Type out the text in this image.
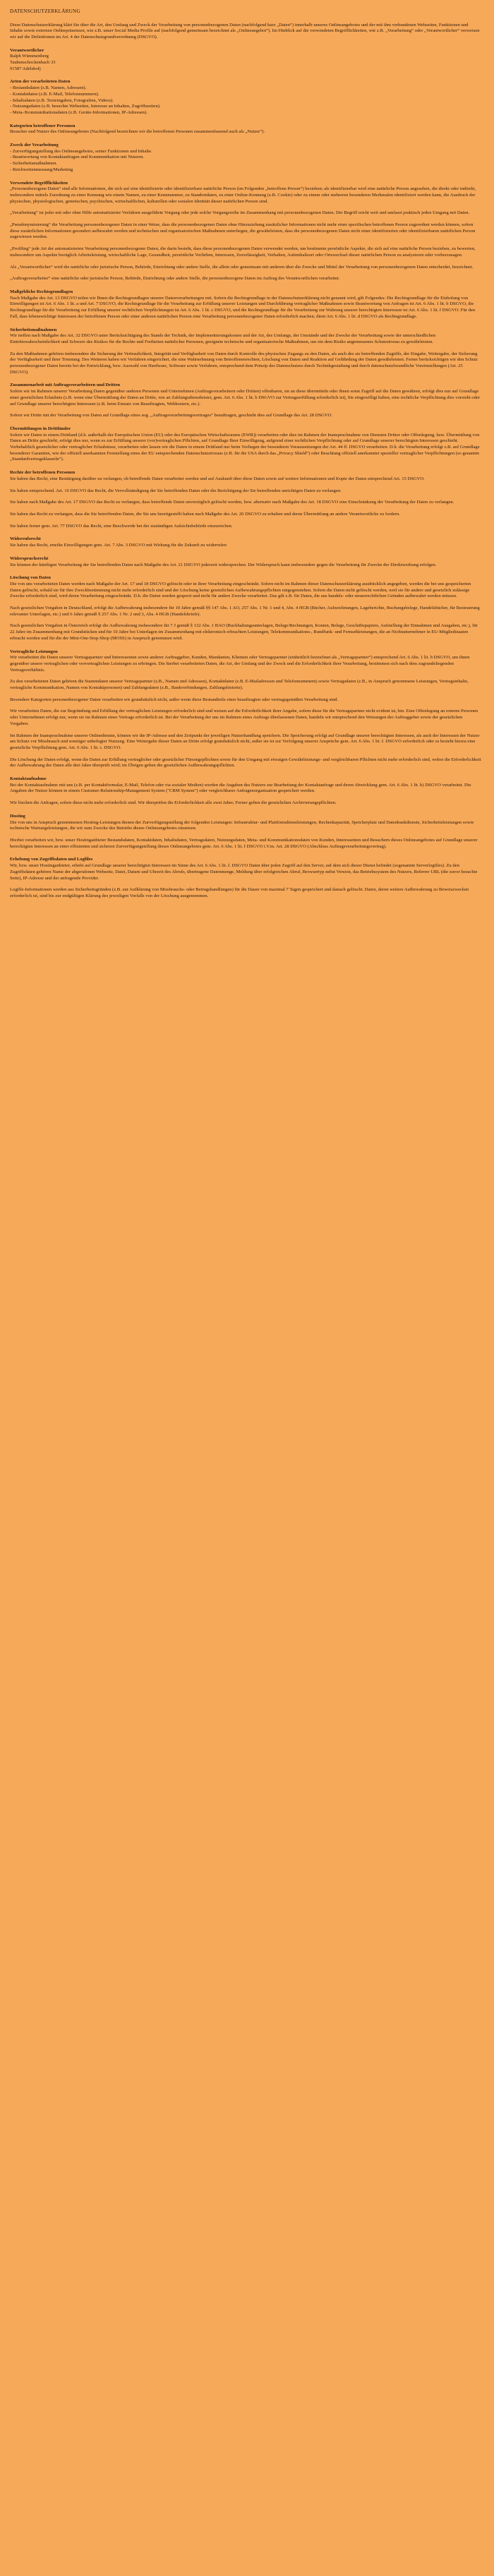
DATENSCHUTZERKLÄRUNG

Diese Datenschutzerklärung klärt Sie über die Art, den Umfang und Zweck der Verarbeitung von personenbezogenen Daten (nachfolgend kurz „Daten“) innerhalb unseres Onlineangebotes und der mit ihm verbundenen Webseiten, Funktionen und Inhalte sowie externen Onlinepräsenzen, wie z.B. unser Social Media Profile auf (nachfolgend gemeinsam bezeichnet als „Onlineangebot“). Im Hinblick auf die verwendeten Begrifflichkeiten, wie z.B. „Verarbeitung“ oder „Verantwortlicher“ verweisen wir auf die Definitionen im Art. 4 der Datenschutzgrundverordnung (DSGVO).

Verantwortlicher

Ralph Wümmenberg
Taubenschockenbach 33
91587 Adelshofj

Arten der verarbeiteten Daten

- Bestandsdaten (z.B. Namen, Adressen).
- Kontaktdaten (z.B. E-Mail, Telefonnummern).
- Inhaltsdaten (z.B. Texteingaben, Fotografien, Videos).
- Nutzungsdaten (z.B. besuchte Webseiten, Interesse an Inhalten, Zugriffszeiten).
- Meta-/Kommunikationsdaten (z.B. Geräte-Informationen, IP-Adressen).

Kategorien betroffener Personen

Besucher und Nutzer des Onlineangebotes (Nachfolgend bezeichnen wir die betroffenen Personen zusammenfassend auch als „Nutzer“).

Zweck der Verarbeitung

- Zurverfügungstellung des Onlineangebotes, seiner Funktionen und Inhalte.
- Beantwortung von Kontaktanfragen und Kommunikation mit Nutzern.
- Sicherheitsmaßnahmen.
- Reichweitenmessung/Marketing

Verwendete Begrifflichkeiten

„Personenbezogene Daten“ sind alle Informationen, die sich auf eine identifizierte oder identifizierbare natürliche Person (im Folgenden „betroffene Person“) beziehen; als identifizierbar wird eine natürliche Person angesehen, die direkt oder indirekt, insbesondere mittels Zuordnung zu einer Kennung wie einem Namen, zu einer Kennnummer, zu Standortdaten, zu einer Online-Kennung (z.B. Cookie) oder zu einem oder mehreren besonderen Merkmalen identifiziert werden kann, die Ausdruck der physischen, physiologischen, genetischen, psychischen, wirtschaftlichen, kulturellen oder sozialen Identität dieser natürlichen Person sind.

„Verarbeitung“ ist jeder mit oder ohne Hilfe automatisierter Verfahren ausgeführte Vorgang oder jede solche Vorgangsreihe im Zusammenhang mit personenbezogenen Daten. Der Begriff reicht weit und umfasst praktisch jeden Umgang mit Daten.

„Pseudonymisierung“ die Verarbeitung personenbezogener Daten in einer Weise, dass die personenbezogenen Daten ohne Hinzuziehung zusätzlicher Informationen nicht mehr einer spezifischen betroffenen Person zugeordnet werden können, sofern diese zusätzlichen Informationen gesondert aufbewahrt werden und technischen und organisatorischen Maßnahmen unterliegen, die gewährleisten, dass die personenbezogenen Daten nicht einer identifizierten oder identifizierbaren natürlichen Person zugewiesen werden.

„Profiling“ jede Art der automatisierten Verarbeitung personenbezogener Daten, die darin besteht, dass diese personenbezogenen Daten verwendet werden, um bestimmte persönliche Aspekte, die sich auf eine natürliche Person beziehen, zu bewerten, insbesondere um Aspekte bezüglich Arbeitsleistung, wirtschaftliche Lage, Gesundheit, persönliche Vorlieben, Interessen, Zuverlässigkeit, Verhalten, Aufenthaltsort oder Ortswechsel dieser natürlichen Person zu analysieren oder vorherzusagen.

Als „Verantwortlicher“ wird die natürliche oder juristische Person, Behörde, Einrichtung oder andere Stelle, die allein oder gemeinsam mit anderen über die Zwecke und Mittel der Verarbeitung von personenbezogenen Daten entscheidet, bezeichnet.

„Auftragsverarbeiter“ eine natürliche oder juristische Person, Behörde, Einrichtung oder andere Stelle, die personenbezogene Daten im Auftrag des Verantwortlichen verarbeitet.

Maßgebliche Rechtsgrundlagen

Nach Maßgabe des Art. 13 DSGVO teilen wir Ihnen die Rechtsgrundlagen unserer Datenverarbeitungen mit. Sofern die Rechtsgrundlage in der Datenschutzerklärung nicht genannt wird, gilt Folgendes: Die Rechtsgrundlage für die Einholung von Einwilligungen ist Art. 6 Abs. 1 lit. a und Art. 7 DSGVO, die Rechtsgrundlage für die Verarbeitung zur Erfüllung unserer Leistungen und Durchführung vertraglicher Maßnahmen sowie Beantwortung von Anfragen ist Art. 6 Abs. 1 lit. b DSGVO, die Rechtsgrundlage für die Verarbeitung zur Erfüllung unserer rechtlichen Verpflichtungen ist Art. 6 Abs. 1 lit. c DSGVO, und die Rechtsgrundlage für die Verarbeitung zur Wahrung unserer berechtigten Interessen ist Art. 6 Abs. 1 lit. f DSGVO. Für den Fall, dass lebenswichtige Interessen der betroffenen Person oder einer anderen natürlichen Person eine Verarbeitung personenbezogener Daten erforderlich machen, dient Art. 6 Abs. 1 lit. d DSGVO als Rechtsgrundlage.

Sicherheitsmaßnahmen

Wir treffen nach Maßgabe des Art. 32 DSGVO unter Berücksichtigung des Stands der Technik, der Implementierungskosten und der Art, des Umfangs, der Umstände und der Zwecke der Verarbeitung sowie der unterschiedlichen Eintrittswahrscheinlichkeit und Schwere des Risikos für die Rechte und Freiheiten natürlicher Personen, geeignete technische und organisatorische Maßnahmen, um ein dem Risiko angemessenes Schutzniveau zu gewährleisten.

Zu den Maßnahmen gehören insbesondere die Sicherung der Vertraulichkeit, Integrität und Verfügbarkeit von Daten durch Kontrolle des physischen Zugangs zu den Daten, als auch des sie betreffenden Zugriffs, der Eingabe, Weitergabe, der Sicherung der Verfügbarkeit und ihrer Trennung. Des Weiteren haben wir Verfahren eingerichtet, die eine Wahrnehmung von Betroffenenrechten, Löschung von Daten und Reaktion auf Gefährdung der Daten gewährleisten. Ferner berücksichtigen wir den Schutz personenbezogener Daten bereits bei der Entwicklung, bzw. Auswahl von Hardware, Software sowie Verfahren, entsprechend dem Prinzip des Datenschutzes durch Technikgestaltung und durch datenschutzfreundliche Voreinstellungen (Art. 25 DSGVO).

Zusammenarbeit mit Auftragsverarbeitern und Dritten

Sofern wir im Rahmen unserer Verarbeitung Daten gegenüber anderen Personen und Unternehmen (Auftragsverarbeitern oder Dritten) offenbaren, sie an diese übermitteln oder ihnen sonst Zugriff auf die Daten gewähren, erfolgt dies nur auf Grundlage einer gesetzlichen Erlaubnis (z.B. wenn eine Übermittlung der Daten an Dritte, wie an Zahlungsdienstleister, gem. Art. 6 Abs. 1 lit. b DSGVO zur Vertragserfüllung erforderlich ist), Sie eingewilligt haben, eine rechtliche Verpflichtung dies vorsieht oder auf Grundlage unserer berechtigten Interessen (z.B. beim Einsatz von Beauftragten, Webhostern, etc.).

Sofern wir Dritte mit der Verarbeitung von Daten auf Grundlage eines sog. „Auftragsverarbeitungsvertrages“ beauftragen, geschieht dies auf Grundlage des Art. 28 DSGVO.

Übermittlungen in Drittländer

Sofern wir Daten in einem Drittland (d.h. außerhalb der Europäischen Union (EU) oder des Europäischen Wirtschaftsraums (EWR)) verarbeiten oder dies im Rahmen der Inanspruchnahme von Diensten Dritter oder Offenlegung, bzw. Übermittlung von Daten an Dritte geschieht, erfolgt dies nur, wenn es zur Erfüllung unserer (vor)vertraglichen Pflichten, auf Grundlage Ihrer Einwilligung, aufgrund einer rechtlichen Verpflichtung oder auf Grundlage unserer berechtigten Interessen geschieht. Vorbehaltlich gesetzlicher oder vertraglicher Erlaubnisse, verarbeiten oder lassen wir die Daten in einem Drittland nur beim Vorliegen der besonderen Voraussetzungen der Art. 44 ff. DSGVO verarbeiten. D.h. die Verarbeitung erfolgt z.B. auf Grundlage besonderer Garantien, wie der offiziell anerkannten Feststellung eines der EU entsprechenden Datenschutzniveaus (z.B. für die USA durch das „Privacy Shield“) oder Beachtung offiziell anerkannter spezieller vertraglicher Verpflichtungen (so genannte „Standardvertragsklauseln“).

Rechte der betroffenen Personen

Sie haben das Recht, eine Bestätigung darüber zu verlangen, ob betreffende Daten verarbeitet werden und auf Auskunft über diese Daten sowie auf weitere Informationen und Kopie der Daten entsprechend Art. 15 DSGVO.

Sie haben entsprechend. Art. 16 DSGVO das Recht, die Vervollständigung der Sie betreffenden Daten oder die Berichtigung der Sie betreffenden unrichtigen Daten zu verlangen.

Sie haben nach Maßgabe des Art. 17 DSGVO das Recht zu verlangen, dass betreffende Daten unverzüglich gelöscht werden, bzw. alternativ nach Maßgabe des Art. 18 DSGVO eine Einschränkung der Verarbeitung der Daten zu verlangen.

Sie haben das Recht zu verlangen, dass die Sie betreffenden Daten, die Sie uns bereitgestellt haben nach Maßgabe des Art. 20 DSGVO zu erhalten und deren Übermittlung an andere Verantwortliche zu fordern.

Sie haben ferner gem. Art. 77 DSGVO das Recht, eine Beschwerde bei der zuständigen Aufsichtsbehörde einzureichen.

Widerrufsrecht

Sie haben das Recht, erteilte Einwilligungen gem. Art. 7 Abs. 3 DSGVO mit Wirkung für die Zukunft zu widerrufen

Widerspruchsrecht

Sie können der künftigen Verarbeitung der Sie betreffenden Daten nach Maßgabe des Art. 21 DSGVO jederzeit widersprechen. Der Widerspruch kann insbesondere gegen die Verarbeitung für Zwecke der Direktwerbung erfolgen.

Löschung von Daten

Die von uns verarbeiteten Daten werden nach Maßgabe der Art. 17 und 18 DSGVO gelöscht oder in ihrer Verarbeitung eingeschränkt. Sofern nicht im Rahmen dieser Datenschutzerklärung ausdrücklich angegeben, werden die bei uns gespeicherten Daten gelöscht, sobald sie für ihre Zweckbestimmung nicht mehr erforderlich sind und der Löschung keine gesetzlichen Aufbewahrungspflichten entgegenstehen. Sofern die Daten nicht gelöscht werden, weil sie für andere und gesetzlich zulässige Zwecke erforderlich sind, wird deren Verarbeitung eingeschränkt. D.h. die Daten werden gesperrt und nicht für andere Zwecke verarbeitet. Das gilt z.B. für Daten, die aus handels- oder steuerrechtlichen Gründen aufbewahrt werden müssen.

Nach gesetzlichen Vorgaben in Deutschland, erfolgt die Aufbewahrung insbesondere für 10 Jahre gemäß §§ 147 Abs. 1 AO, 257 Abs. 1 Nr. 1 und 4, Abs. 4 HGB (Bücher, Aufzeichnungen, Lageberichte, Buchungsbelege, Handelsbücher, für Besteuerung relevanter Unterlagen, etc.) und 6 Jahre gemäß § 257 Abs. 1 Nr. 2 und 3, Abs. 4 HGB (Handelsbriefe).

Nach gesetzlichen Vorgaben in Österreich erfolgt die Aufbewahrung insbesondere für 7 J gemäß § 132 Abs. 1 BAO (Buchhaltungsunterlagen, Belege/Rechnungen, Konten, Belege, Geschäftspapiere, Aufstellung der Einnahmen und Ausgaben, etc.), für 22 Jahre im Zusammenhang mit Grundstücken und für 10 Jahre bei Unterlagen im Zusammenhang mit elektronisch erbrachten Leistungen, Telekommunikations-, Rundfunk- und Fernsehleistungen, die an Nichtunternehmer in EU-Mitgliedstaaten erbracht werden und für die der Mini-One-Stop-Shop (MOSS) in Anspruch genommen wird.

Vertragliche Leistungen

Wir verarbeiten die Daten unserer Vertragspartner und Interessenten sowie anderer Auftraggeber, Kunden, Mandanten, Klienten oder Vertragspartner (einheitlich bezeichnet als „Vertragspartner“) entsprechend Art. 6 Abs. 1 lit. b DSGVO, um ihnen gegenüber unsere vertraglichen oder vorvertraglichen Leistungen zu erbringen. Die hierbei verarbeiteten Daten, die Art, der Umfang und der Zweck und die Erforderlichkeit ihrer Verarbeitung, bestimmen sich nach dem zugrundeliegenden Vertragsverhältnis.

Zu den verarbeiteten Daten gehören die Stammdaten unserer Vertragspartner (z.B., Namen und Adressen), Kontaktdaten (z.B. E-Mailadressen und Telefonnummern) sowie Vertragsdaten (z.B., in Anspruch genommene Leistungen, Vertragsinhalte, vertragliche Kommunikation, Namen von Kontaktpersonen) und Zahlungsdaten (z.B., Bankverbindungen, Zahlungshistorie).

Besondere Kategorien personenbezogener Daten verarbeiten wir grundsätzlich nicht, außer wenn diese Bestandteile einer beauftragten oder vertragsgemäßen Verarbeitung sind.

Wir verarbeiten Daten, die zur Begründung und Erfüllung der vertraglichen Leistungen erforderlich sind und weisen auf die Erforderlichkeit ihrer Angabe, sofern diese für die Vertragspartner nicht evident ist, hin. Eine Offenlegung an externe Personen oder Unternehmen erfolgt nur, wenn sie im Rahmen eines Vertrags erforderlich ist. Bei der Verarbeitung der uns im Rahmen eines Auftrags überlassenen Daten, handeln wir entsprechend den Weisungen der Auftraggeber sowie der gesetzlichen Vorgaben.

Im Rahmen der Inanspruchnahme unserer Onlinedienste, können wir die IP-Adresse und den Zeitpunkt der jeweiligen Nutzerhandlung speichern. Die Speicherung erfolgt auf Grundlage unserer berechtigten Interessen, als auch der Interessen der Nutzer am Schutz vor Missbrauch und sonstiger unbefugter Nutzung. Eine Weitergabe dieser Daten an Dritte erfolgt grundsätzlich nicht, außer sie ist zur Verfolgung unserer Ansprüche gem. Art. 6 Abs. 1 lit. f. DSGVO erforderlich oder es besteht hierzu eine gesetzliche Verpflichtung gem. Art. 6 Abs. 1 lit. c. DSGVO.

Die Löschung der Daten erfolgt, wenn die Daten zur Erfüllung vertraglicher oder gesetzlicher Fürsorgepflichten sowie für den Umgang mit etwaigen Gewährleistungs- und vergleichbaren Pflichten nicht mehr erforderlich sind, wobei die Erforderlichkeit der Aufbewahrung der Daten alle drei Jahre überprüft wird; im Übrigen gelten die gesetzlichen Aufbewahrungspflichten.

Kontaktaufnahme

Bei der Kontaktaufnahme mit uns (z.B. per Kontaktformular, E-Mail, Telefon oder via sozialer Medien) werden die Angaben des Nutzers zur Bearbeitung der Kontaktanfrage und deren Abwicklung gem. Art. 6 Abs. 1 lit. b) DSGVO verarbeitet. Die Angaben der Nutzer können in einem Customer-Relationship-Management System ("CRM System") oder vergleichbarer Anfragenorganisation gespeichert werden.

Wir löschen die Anfragen, sofern diese nicht mehr erforderlich sind. Wir überprüfen die Erforderlichkeit alle zwei Jahre; Ferner gelten die gesetzlichen Archivierungspflichten.

Hosting

Die von uns in Anspruch genommenen Hosting-Leistungen dienen der Zurverfügungstellung der folgenden Leistungen: Infrastruktur- und Plattformdienstleistungen, Rechenkapazität, Speicherplatz und Datenbankdienste, Sicherheitsleistungen sowie technische Wartungsleistungen, die wir zum Zwecke des Betriebs dieses Onlineangebotes einsetzen.

Hierbei verarbeiten wir, bzw. unser Hostinganbieter Bestandsdaten, Kontaktdaten, Inhaltsdaten, Vertragsdaten, Nutzungsdaten, Meta- und Kommunikationsdaten von Kunden, Interessenten und Besuchern dieses Onlineangebotes auf Grundlage unserer berechtigten Interessen an einer effizienten und sicheren Zurverfügungstellung dieses Onlineangebotes gem. Art. 6 Abs. 1 lit. f DSGVO i.V.m. Art. 28 DSGVO (Abschluss Auftragsverarbeitungsvertrag).

Erhebung von Zugriffsdaten und Logfiles

Wir, bzw. unser Hostinganbieter, erhebt auf Grundlage unserer berechtigten Interessen im Sinne des Art. 6 Abs. 1 lit. f. DSGVO Daten über jeden Zugriff auf den Server, auf dem sich dieser Dienst befindet (sogenannte Serverlogfiles). Zu den Zugriffsdaten gehören Name der abgerufenen Webseite, Datei, Datum und Uhrzeit des Abrufs, übertragene Datenmenge, Meldung über erfolgreichen Abruf, Browsertyp nebst Version, das Betriebssystem des Nutzers, Referrer URL (die zuvor besuchte Seite), IP-Adresse und der anfragende Provider.

Logfile-Informationen werden aus Sicherheitsgründen (z.B. zur Aufklärung von Missbrauchs- oder Betrugshandlungen) für die Dauer von maximal 7 Tagen gespeichert und danach gelöscht. Daten, deren weitere Aufbewahrung zu Beweiszwecken erforderlich ist, sind bis zur endgültigen Klärung des jeweiligen Vorfalls von der Löschung ausgenommen.
